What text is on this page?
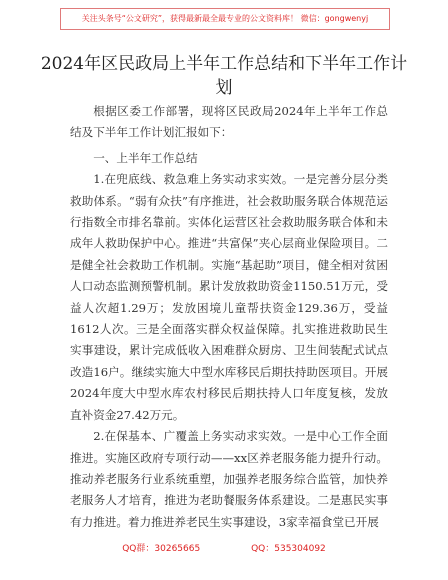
关注头条号“公文研究”，获得最新最全最专业的公文资料库！ 微信：gongwenyj
2024年区民政局上半年工作总结和下半年工作计划

根据区委工作部署，现将区民政局2024年上半年工作总结及下半年工作计划汇报如下：

一、上半年工作总结

1.在兜底线、救急难上务实动求实效。一是完善分层分类救助体系。“弱有众扶”有序推进，社会救助服务联合体规范运行指数全市排名靠前。实体化运营区社会救助服务联合体和未成年人救助保护中心。推进“共富保”夹心层商业保险项目。二是健全社会救助工作机制。实施“基起助”项目，健全相对贫困人口动态监测预警机制。累计发放救助资金1150.51万元，受益人次超1.29万；发放困境儿童帮扶资金129.36万，受益1612人次。三是全面落实群众权益保障。扎实推进救助民生实事建设，累计完成低收入困难群众厨房、卫生间装配式试点改造16户。继续实施大中型水库移民后期扶持助医项目。开展2024年度大中型水库农村移民后期扶持人口年度复核，发放直补资金27.42万元。

2.在保基本、广覆盖上务实动求实效。一是中心工作全面推进。实施区政府专项行动——xx区养老服务能力提升行动。推动养老服务行业系统重塑，加强养老服务综合监管，加快养老服务人才培育，推进为老助餐服务体系建设。二是惠民实事有力推进。着力推进养老民生实事建设，3家幸福食堂已开展

QQ群：30265665	QQ：535304092
